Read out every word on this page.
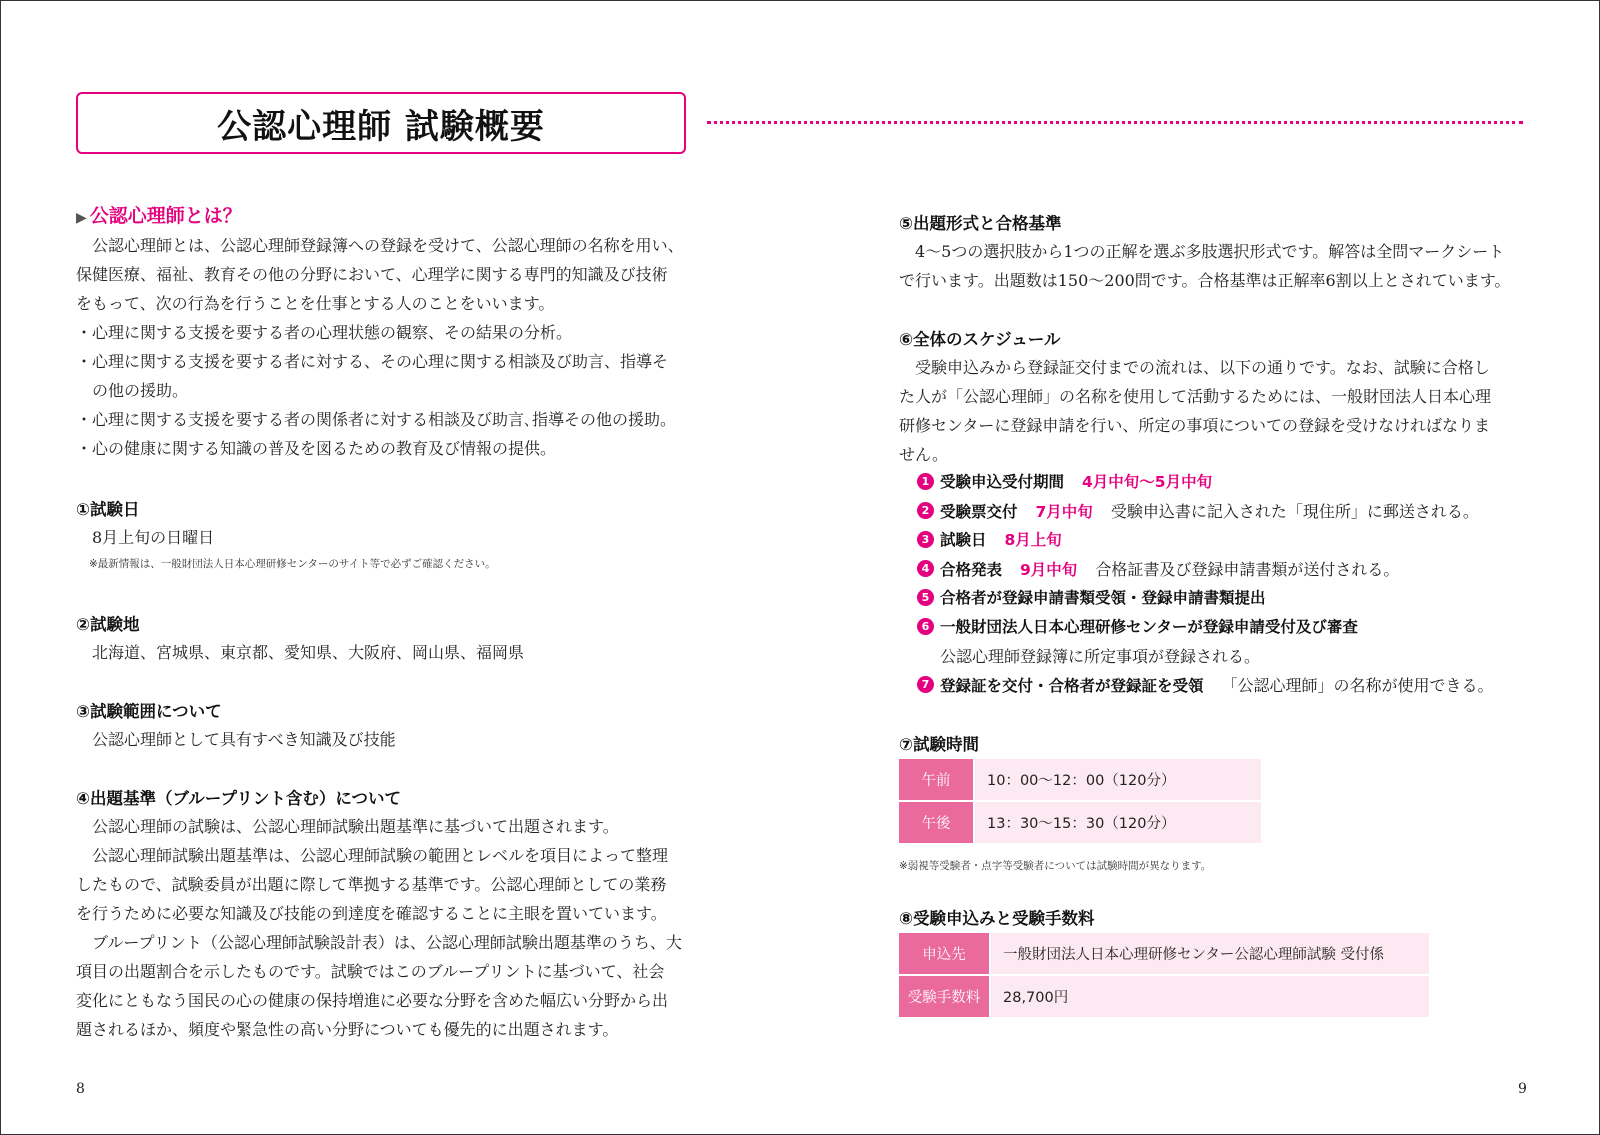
公認心理師 試験概要
▶ 公認心理師とは？
　公認心理師とは、公認心理師登録簿への登録を受けて、公認心理師の名称を用い、
保健医療、福祉、教育その他の分野において、心理学に関する専門的知識及び技術
をもって、次の行為を行うことを仕事とする人のことをいいます。
・心理に関する支援を要する者の心理状態の観察、その結果の分析。
・心理に関する支援を要する者に対する、その心理に関する相談及び助言、指導そ
　の他の援助。
・心理に関する支援を要する者の関係者に対する相談及び助言､指導その他の援助。
・心の健康に関する知識の普及を図るための教育及び情報の提供。
①試験日
　8月上旬の日曜日
※最新情報は、一般財団法人日本心理研修センターのサイト等で必ずご確認ください。
②試験地
　北海道、宮城県、東京都、愛知県、大阪府、岡山県、福岡県
③試験範囲について
　公認心理師として具有すべき知識及び技能
④出題基準（ブループリント含む）について
　公認心理師の試験は、公認心理師試験出題基準に基づいて出題されます。
　公認心理師試験出題基準は、公認心理師試験の範囲とレベルを項目によって整理
したもので、試験委員が出題に際して準拠する基準です。公認心理師としての業務
を行うために必要な知識及び技能の到達度を確認することに主眼を置いています。
　ブループリント（公認心理師試験設計表）は、公認心理師試験出題基準のうち、大
項目の出題割合を示したものです。試験ではこのブループリントに基づいて、社会
変化にともなう国民の心の健康の保持増進に必要な分野を含めた幅広い分野から出
題されるほか、頻度や緊急性の高い分野についても優先的に出題されます。
8
⑤出題形式と合格基準
　4～5つの選択肢から1つの正解を選ぶ多肢選択形式です。解答は全問マークシート
で行います。出題数は150～200問です。合格基準は正解率6割以上とされています。
⑥全体のスケジュール
　受験申込みから登録証交付までの流れは、以下の通りです。なお、試験に合格し
た人が「公認心理師」の名称を使用して活動するためには、一般財団法人日本心理
研修センターに登録申請を行い、所定の事項についての登録を受けなければなりま
せん。
1 受験申込受付期間 4月中旬～5月中旬
2 受験票交付 7月中旬 受験申込書に記入された「現住所」に郵送される。
3 試験日 8月上旬
4 合格発表 9月中旬 合格証書及び登録申請書類が送付される。
5 合格者が登録申請書類受領・登録申請書類提出
6 一般財団法人日本心理研修センターが登録申請受付及び審査
公認心理師登録簿に所定事項が登録される。
7 登録証を交付・合格者が登録証を受領 「公認心理師」の名称が使用できる。
⑦試験時間
午前	10：00～12：00（120分）
午後	13：30～15：30（120分）
※弱視等受験者・点字等受験者については試験時間が異なります。
⑧受験申込みと受験手数料
申込先	一般財団法人日本心理研修センター公認心理師試験 受付係
受験手数料	28,700円
9
